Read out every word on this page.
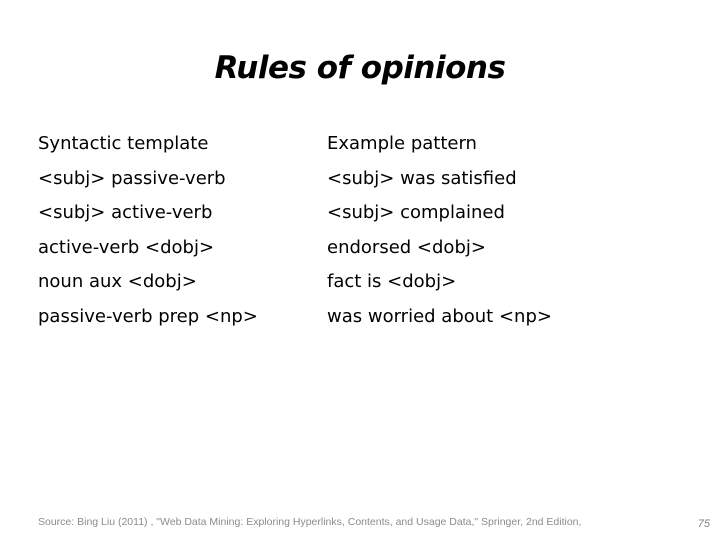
Rules of opinions
Syntactic template
<subj> passive-verb
<subj> active-verb
active-verb <dobj>
noun aux <dobj>
passive-verb prep <np>
Example pattern
<subj> was satisfied
<subj> complained
endorsed <dobj>
fact is <dobj>
was worried about <np>

Source: Bing Liu (2011) , "Web Data Mining: Exploring Hyperlinks, Contents, and Usage Data," Springer, 2nd Edition,	75
